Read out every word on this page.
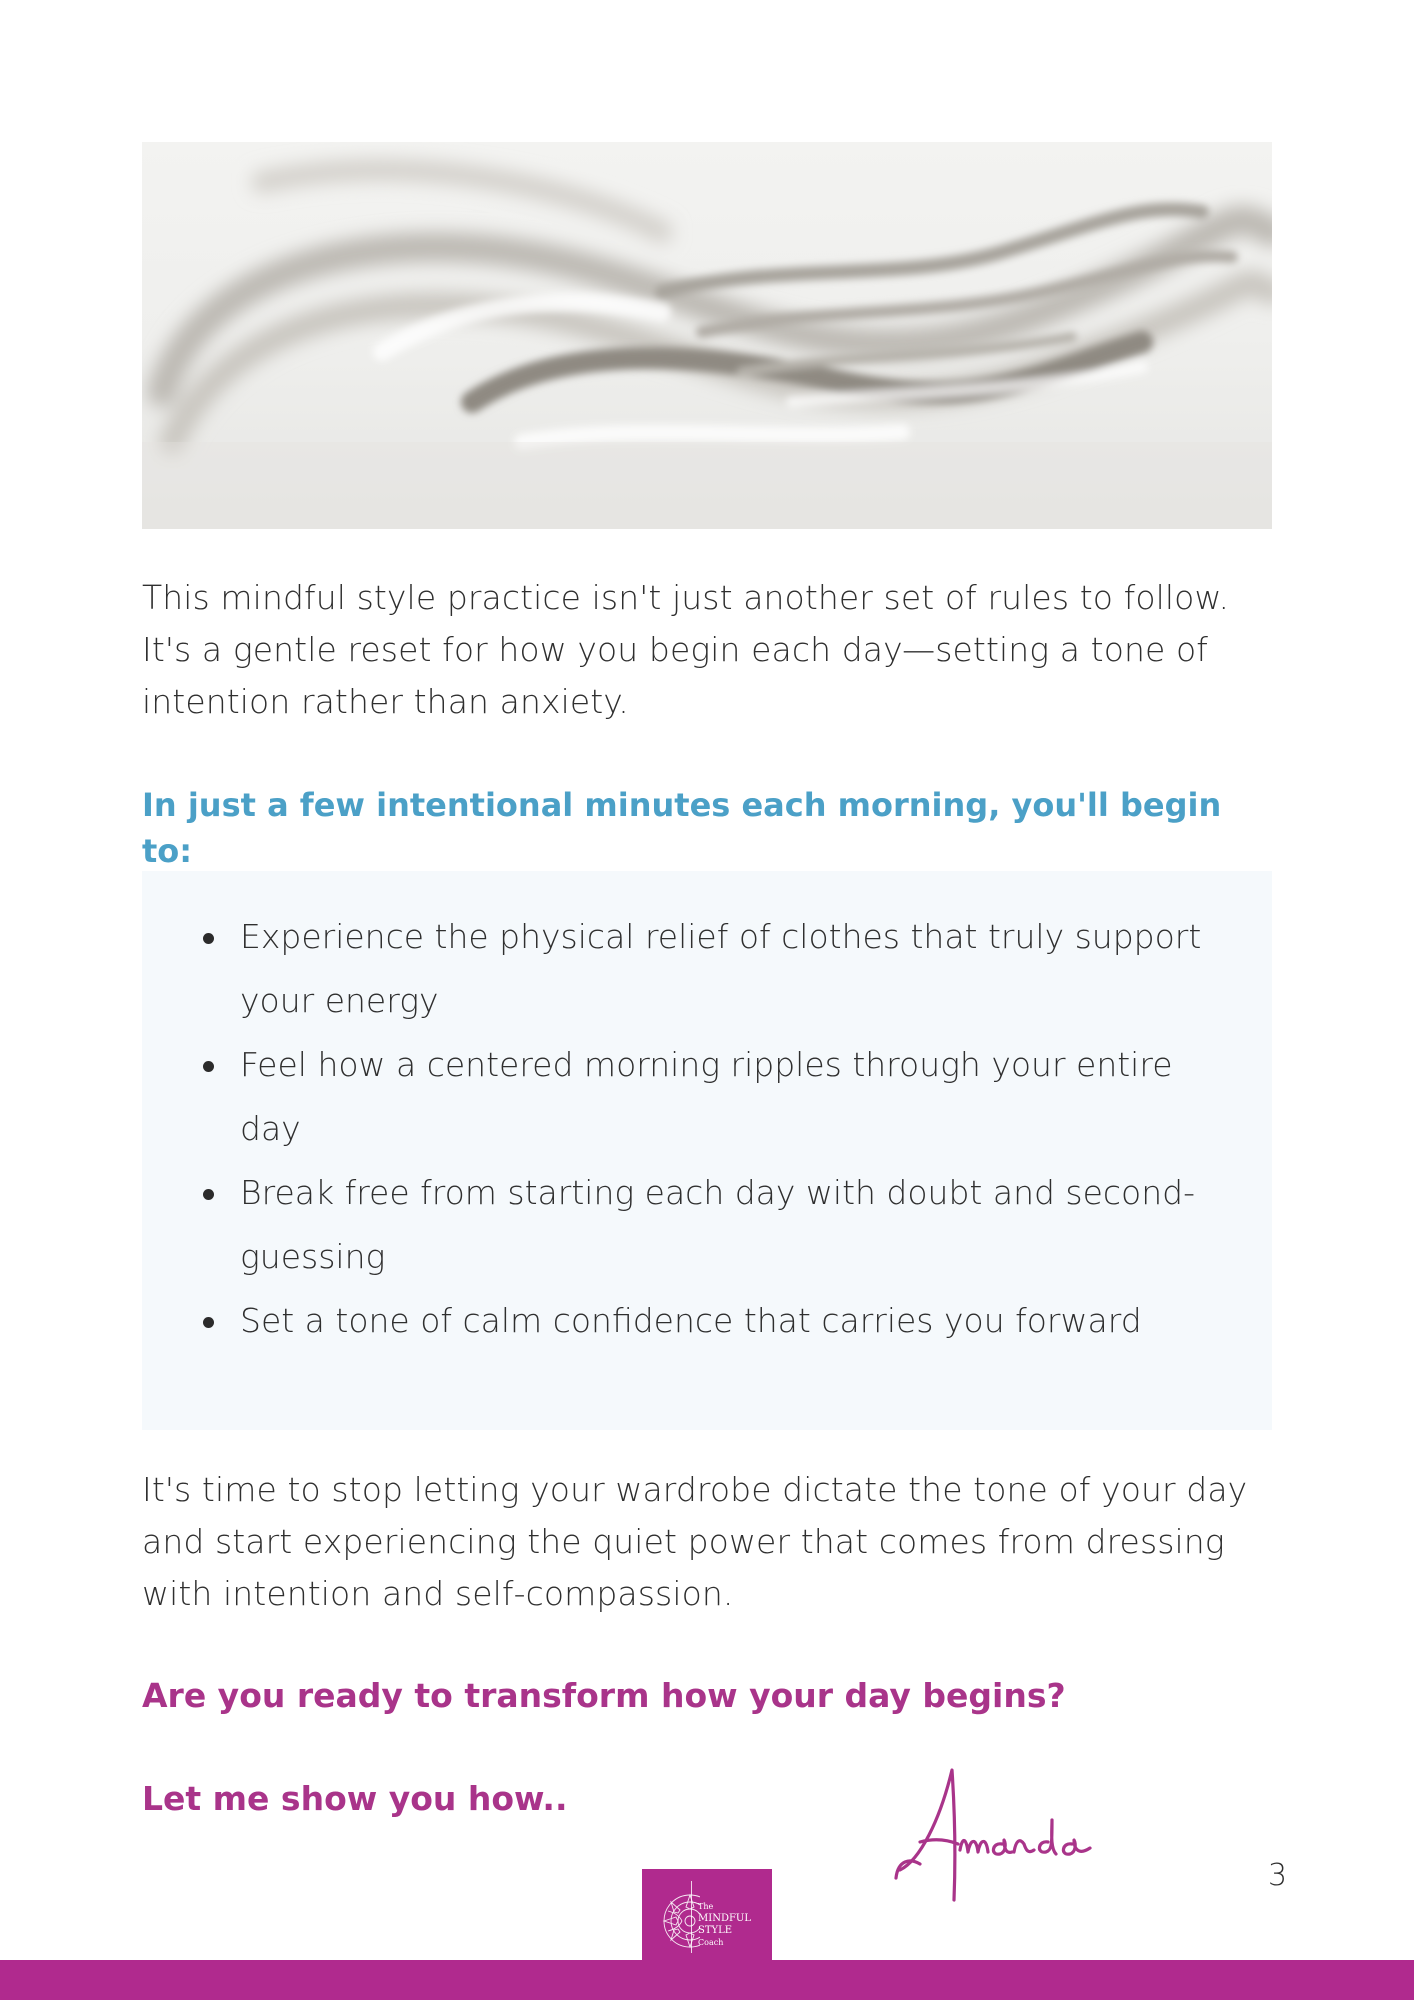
This mindful style practice isn't just another set of rules to follow. It's a gentle reset for how you begin each day—setting a tone of intention rather than anxiety.

In just a few intentional minutes each morning, you'll begin to:
Experience the physical relief of clothes that truly support your energy
Feel how a centered morning ripples through your entire day
Break free from starting each day with doubt and second-guessing
Set a tone of calm confidence that carries you forward

It's time to stop letting your wardrobe dictate the tone of your day and start experiencing the quiet power that comes from dressing with intention and self-compassion.

Are you ready to transform how your day begins?
Let me show you how..
3
The
MINDFUL
STYLE
Coach
